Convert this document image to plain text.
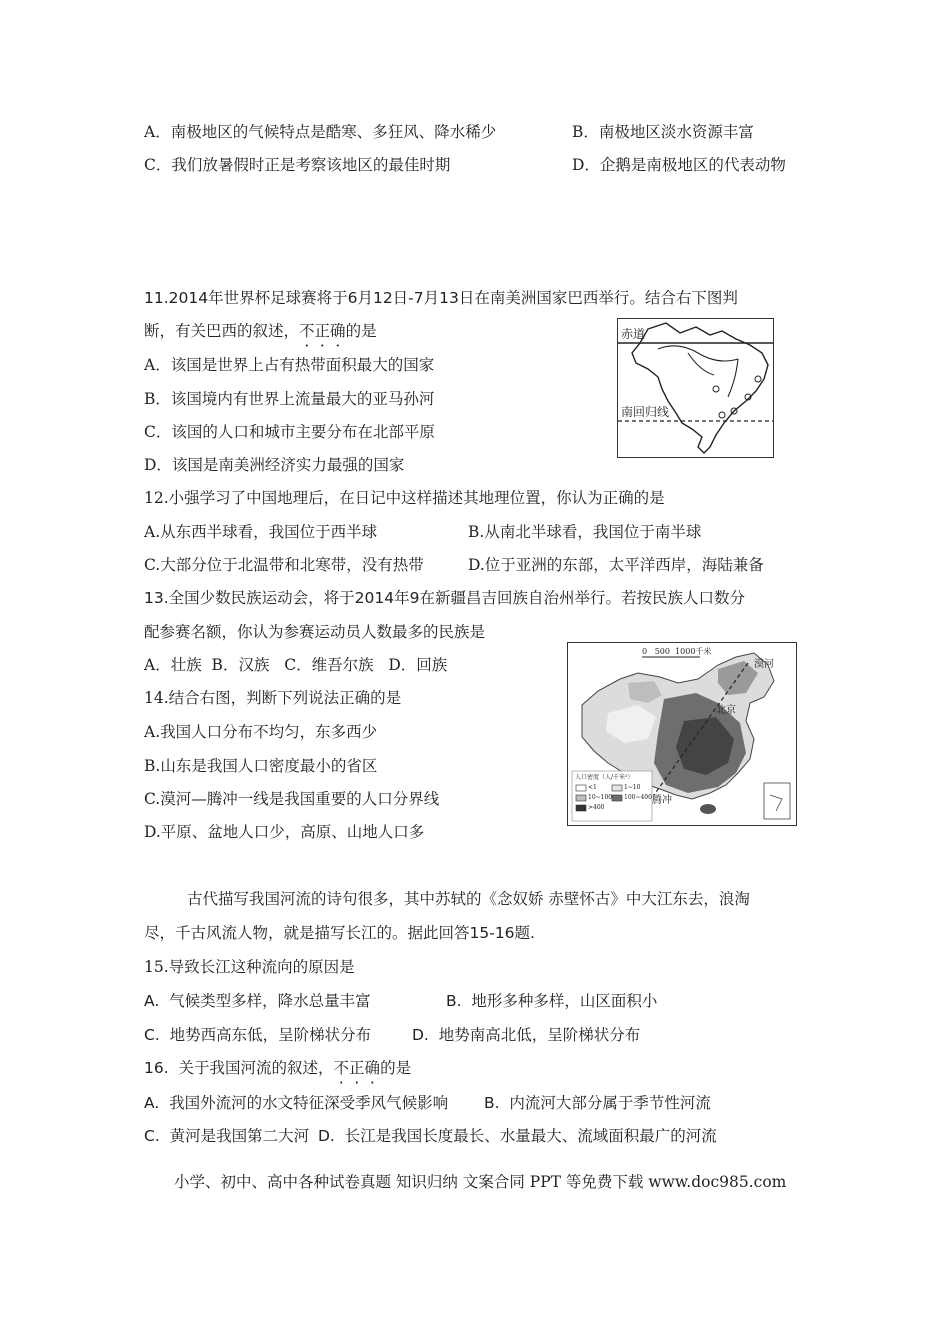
A．南极地区的气候特点是酷寒、多狂风、降水稀少	B．南极地区淡水资源丰富
C．我们放暑假时正是考察该地区的最佳时期	D．企鹅是南极地区的代表动物
11.2014年世界杯足球赛将于6月12日-7月13日在南美洲国家巴西举行。结合右下图判
断，有关巴西的叙述，不正确的是
A．该国是世界上占有热带面积最大的国家
B．该国境内有世界上流量最大的亚马孙河
C．该国的人口和城市主要分布在北部平原
D．该国是南美洲经济实力最强的国家
赤道
南回归线
12.小强学习了中国地理后，在日记中这样描述其地理位置，你认为正确的是
A.从东西半球看，我国位于西半球	B.从南北半球看，我国位于南半球
C.大部分位于北温带和北寒带，没有热带	D.位于亚洲的东部，太平洋西岸，海陆兼备
13.全国少数民族运动会，将于2014年9在新疆昌吉回族自治州举行。若按民族人口数分
配参赛名额，你认为参赛运动员人数最多的民族是
A．壮族  B．汉族   C．维吾尔族   D．回族
14.结合右图，判断下列说法正确的是
A.我国人口分布不均匀，东多西少
B.山东是我国人口密度最小的省区
C.漠河—腾冲一线是我国重要的人口分界线
D.平原、盆地人口少，高原、山地人口多
0   500  1000千米
漠河
北京
腾冲
人口密度（人/千米²）
<1	1~10
10~100 100~400
>400
古代描写我国河流的诗句很多，其中苏轼的《念奴娇 赤壁怀古》中大江东去，浪淘
尽，千古风流人物，就是描写长江的。据此回答15-16题.
15.导致长江这种流向的原因是
A.  气候类型多样，降水总量丰富	B.  地形多种多样，山区面积小
C.  地势西高东低，呈阶梯状分布	D.  地势南高北低，呈阶梯状分布
16.  关于我国河流的叙述，不正确的是
A.  我国外流河的水文特征深受季风气候影响 B.  内流河大部分属于季节性河流
C.  黄河是我国第二大河 D.  长江是我国长度最长、水量最大、流域面积最广的河流
小学、初中、高中各种试卷真题 知识归纳 文案合同 PPT 等免费下载 www.doc985.com
